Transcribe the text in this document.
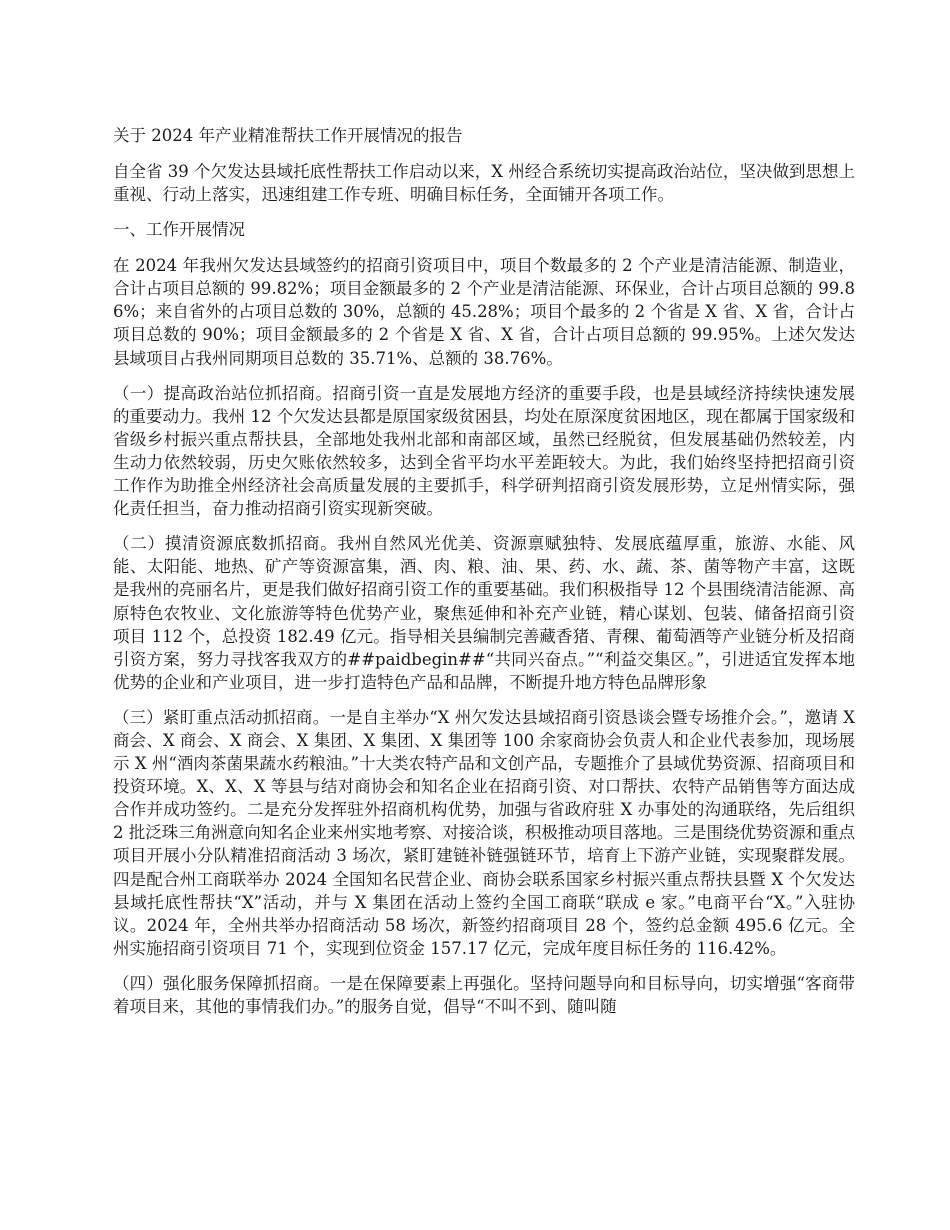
关于 2024 年产业精准帮扶工作开展情况的报告

自全省 39 个欠发达县域托底性帮扶工作启动以来，X 州经合系统切实提高政治站位，坚决做到思想上重视、行动上落实，迅速组建工作专班、明确目标任务，全面铺开各项工作。

一、工作开展情况

在 2024 年我州欠发达县域签约的招商引资项目中，项目个数最多的 2 个产业是清洁能源、制造业，合计占项目总额的 99.82%；项目金额最多的 2 个产业是清洁能源、环保业，合计占项目总额的 99.86%；来自省外的占项目总数的 30%，总额的 45.28%；项目个最多的 2 个省是 X 省、X 省，合计占项目总数的 90%；项目金额最多的 2 个省是 X 省、X 省，合计占项目总额的 99.95%。上述欠发达县域项目占我州同期项目总数的 35.71%、总额的 38.76%。

（一）提高政治站位抓招商。招商引资一直是发展地方经济的重要手段，也是县域经济持续快速发展的重要动力。我州 12 个欠发达县都是原国家级贫困县，均处在原深度贫困地区，现在都属于国家级和省级乡村振兴重点帮扶县，全部地处我州北部和南部区域，虽然已经脱贫，但发展基础仍然较差，内生动力依然较弱，历史欠账依然较多，达到全省平均水平差距较大。为此，我们始终坚持把招商引资工作作为助推全州经济社会高质量发展的主要抓手，科学研判招商引资发展形势，立足州情实际，强化责任担当，奋力推动招商引资实现新突破。

（二）摸清资源底数抓招商。我州自然风光优美、资源禀赋独特、发展底蕴厚重，旅游、水能、风能、太阳能、地热、矿产等资源富集，酒、肉、粮、油、果、药、水、蔬、茶、菌等物产丰富，这既是我州的亮丽名片，更是我们做好招商引资工作的重要基础。我们积极指导 12 个县围绕清洁能源、高原特色农牧业、文化旅游等特色优势产业，聚焦延伸和补充产业链，精心谋划、包装、储备招商引资项目 112 个，总投资 182.49 亿元。指导相关县编制完善藏香猪、青稞、葡萄酒等产业链分析及招商引资方案，努力寻找客我双方的##paidbegin##“共同兴奋点。”“利益交集区。”，引进适宜发挥本地优势的企业和产业项目，进一步打造特色产品和品牌，不断提升地方特色品牌形象

（三）紧盯重点活动抓招商。一是自主举办“X 州欠发达县域招商引资恳谈会暨专场推介会。”，邀请 X 商会、X 商会、X 商会、X 集团、X 集团、X 集团等 100 余家商协会负责人和企业代表参加，现场展示 X 州“酒肉茶菌果蔬水药粮油。”十大类农特产品和文创产品，专题推介了县域优势资源、招商项目和投资环境。X、X、X 等县与结对商协会和知名企业在招商引资、对口帮扶、农特产品销售等方面达成合作并成功签约。二是充分发挥驻外招商机构优势，加强与省政府驻 X 办事处的沟通联络，先后组织 2 批泛珠三角洲意向知名企业来州实地考察、对接洽谈，积极推动项目落地。三是围绕优势资源和重点项目开展小分队精准招商活动 3 场次，紧盯建链补链强链环节，培育上下游产业链，实现聚群发展。四是配合州工商联举办 2024 全国知名民营企业、商协会联系国家乡村振兴重点帮扶县暨 X 个欠发达县域托底性帮扶“X”活动，并与 X 集团在活动上签约全国工商联“联成 e 家。”电商平台“X。”入驻协议。2024 年，全州共举办招商活动 58 场次，新签约招商项目 28 个，签约总金额 495.6 亿元。全州实施招商引资项目 71 个，实现到位资金 157.17 亿元，完成年度目标任务的 116.42%。

（四）强化服务保障抓招商。一是在保障要素上再强化。坚持问题导向和目标导向，切实增强“客商带着项目来，其他的事情我们办。”的服务自觉，倡导“不叫不到、随叫随
